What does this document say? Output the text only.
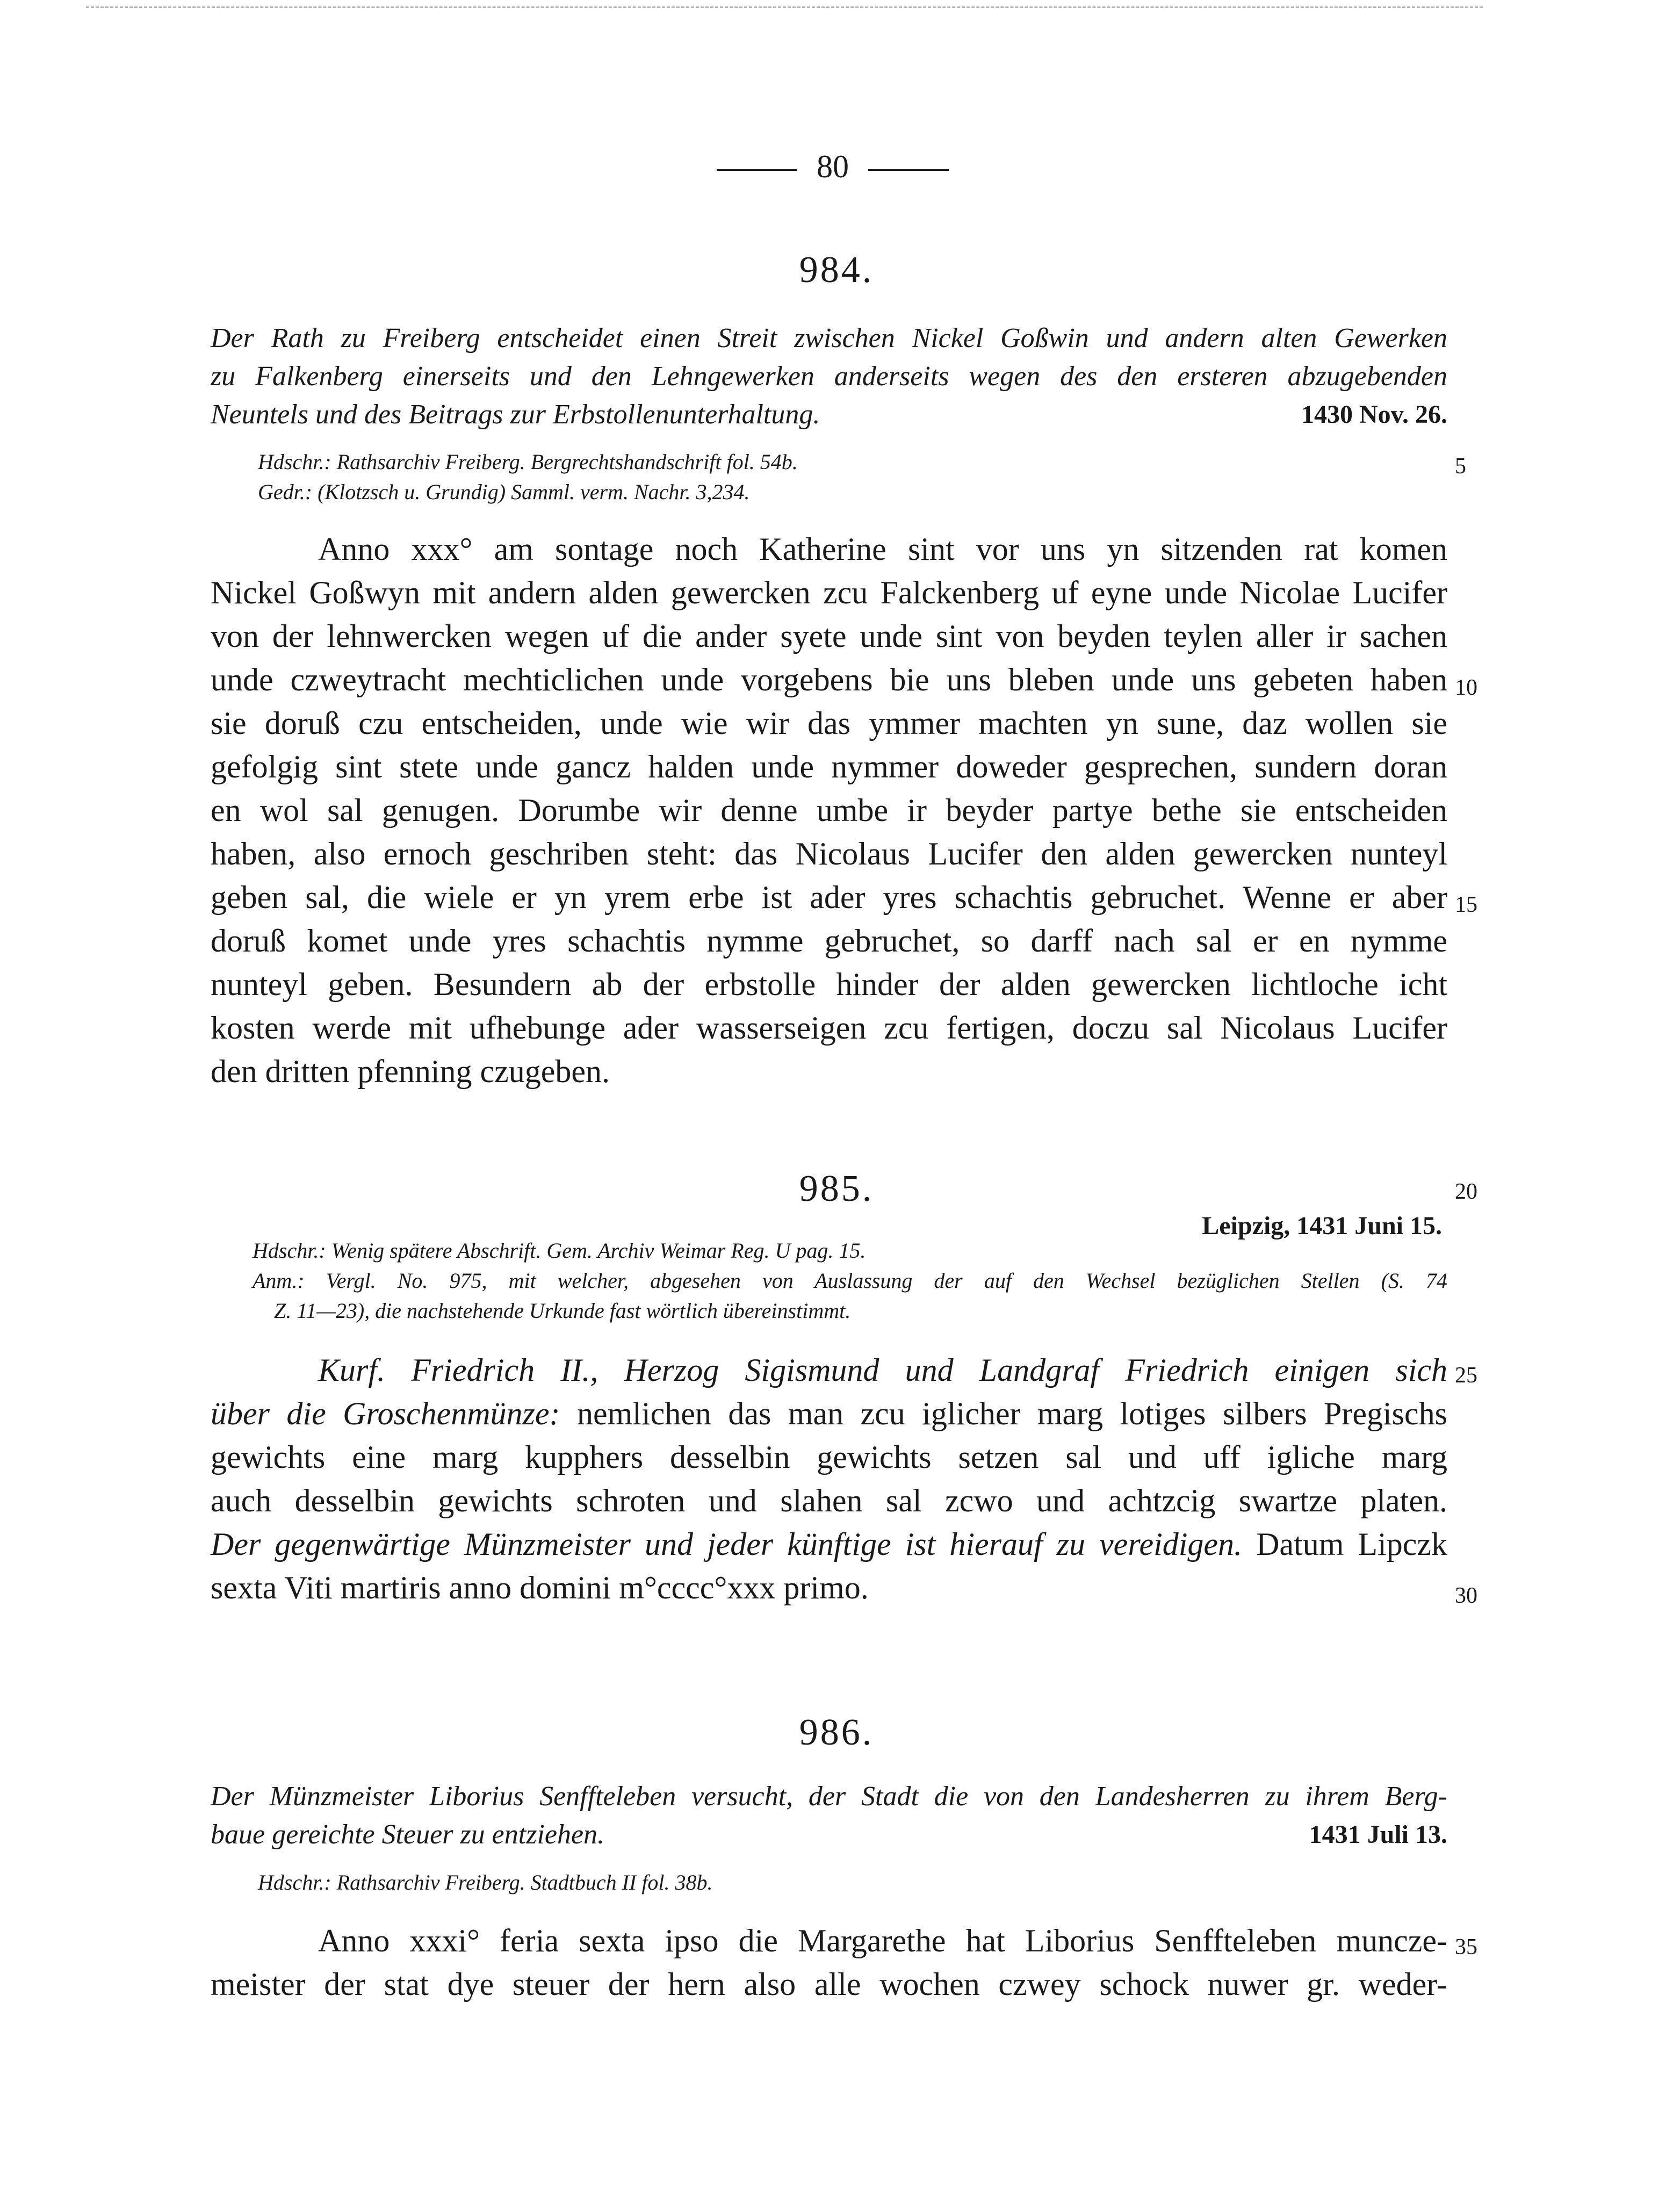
80
984.
Der Rath zu Freiberg entscheidet einen Streit zwischen Nickel Goßwin und andern alten Gewerken
zu Falkenberg einerseits und den Lehngewerken anderseits wegen des den ersteren abzugebenden
1430 Nov. 26.
Neuntels und des Beitrags zur Erbstollenunterhaltung.
Hdschr.: Rathsarchiv Freiberg. Bergrechtshandschrift fol. 54b.
Gedr.: (Klotzsch u. Grundig) Samml. verm. Nachr. 3,234.
Anno xxx° am sontage noch Katherine sint vor uns yn sitzenden rat komen
Nickel Goßwyn mit andern alden gewercken zcu Falckenberg uf eyne unde Nicolae Lucifer
von der lehnwercken wegen uf die ander syete unde sint von beyden teylen aller ir sachen
unde czweytracht mechticlichen unde vorgebens bie uns bleben unde uns gebeten haben
sie doruß czu entscheiden, unde wie wir das ymmer machten yn sune, daz wollen sie
gefolgig sint stete unde gancz halden unde nymmer doweder gesprechen, sundern doran
en wol sal genugen. Dorumbe wir denne umbe ir beyder partye bethe sie entscheiden
haben, also ernoch geschriben steht: das Nicolaus Lucifer den alden gewercken nunteyl
geben sal, die wiele er yn yrem erbe ist ader yres schachtis gebruchet. Wenne er aber
doruß komet unde yres schachtis nymme gebruchet, so darff nach sal er en nymme
nunteyl geben. Besundern ab der erbstolle hinder der alden gewercken lichtloche icht
kosten werde mit ufhebunge ader wasserseigen zcu fertigen, doczu sal Nicolaus Lucifer
den dritten pfenning czugeben.
985.
Leipzig, 1431 Juni 15.
Hdschr.: Wenig spätere Abschrift. Gem. Archiv Weimar Reg. U pag. 15.
Anm.: Vergl. No. 975, mit welcher, abgesehen von Auslassung der auf den Wechsel bezüglichen Stellen (S. 74
Z. 11—23), die nachstehende Urkunde fast wörtlich übereinstimmt.
Kurf. Friedrich II., Herzog Sigismund und Landgraf Friedrich einigen sich
über die Groschenmünze: nemlichen das man zcu iglicher marg lotiges silbers Pregischs
gewichts eine marg kupphers desselbin gewichts setzen sal und uff igliche marg
auch desselbin gewichts schroten und slahen sal zcwo und achtzcig swartze platen.
Der gegenwärtige Münzmeister und jeder künftige ist hierauf zu vereidigen. Datum Lipczk
sexta Viti martiris anno domini m°cccc°xxx primo.
986.
Der Münzmeister Liborius Senffteleben versucht, der Stadt die von den Landesherren zu ihrem Berg-
1431 Juli 13.
baue gereichte Steuer zu entziehen.
Hdschr.: Rathsarchiv Freiberg. Stadtbuch II fol. 38b.
Anno xxxi° feria sexta ipso die Margarethe hat Liborius Senffteleben muncze-
meister der stat dye steuer der hern also alle wochen czwey schock nuwer gr. weder-
5
10
15
20
25
30
35
